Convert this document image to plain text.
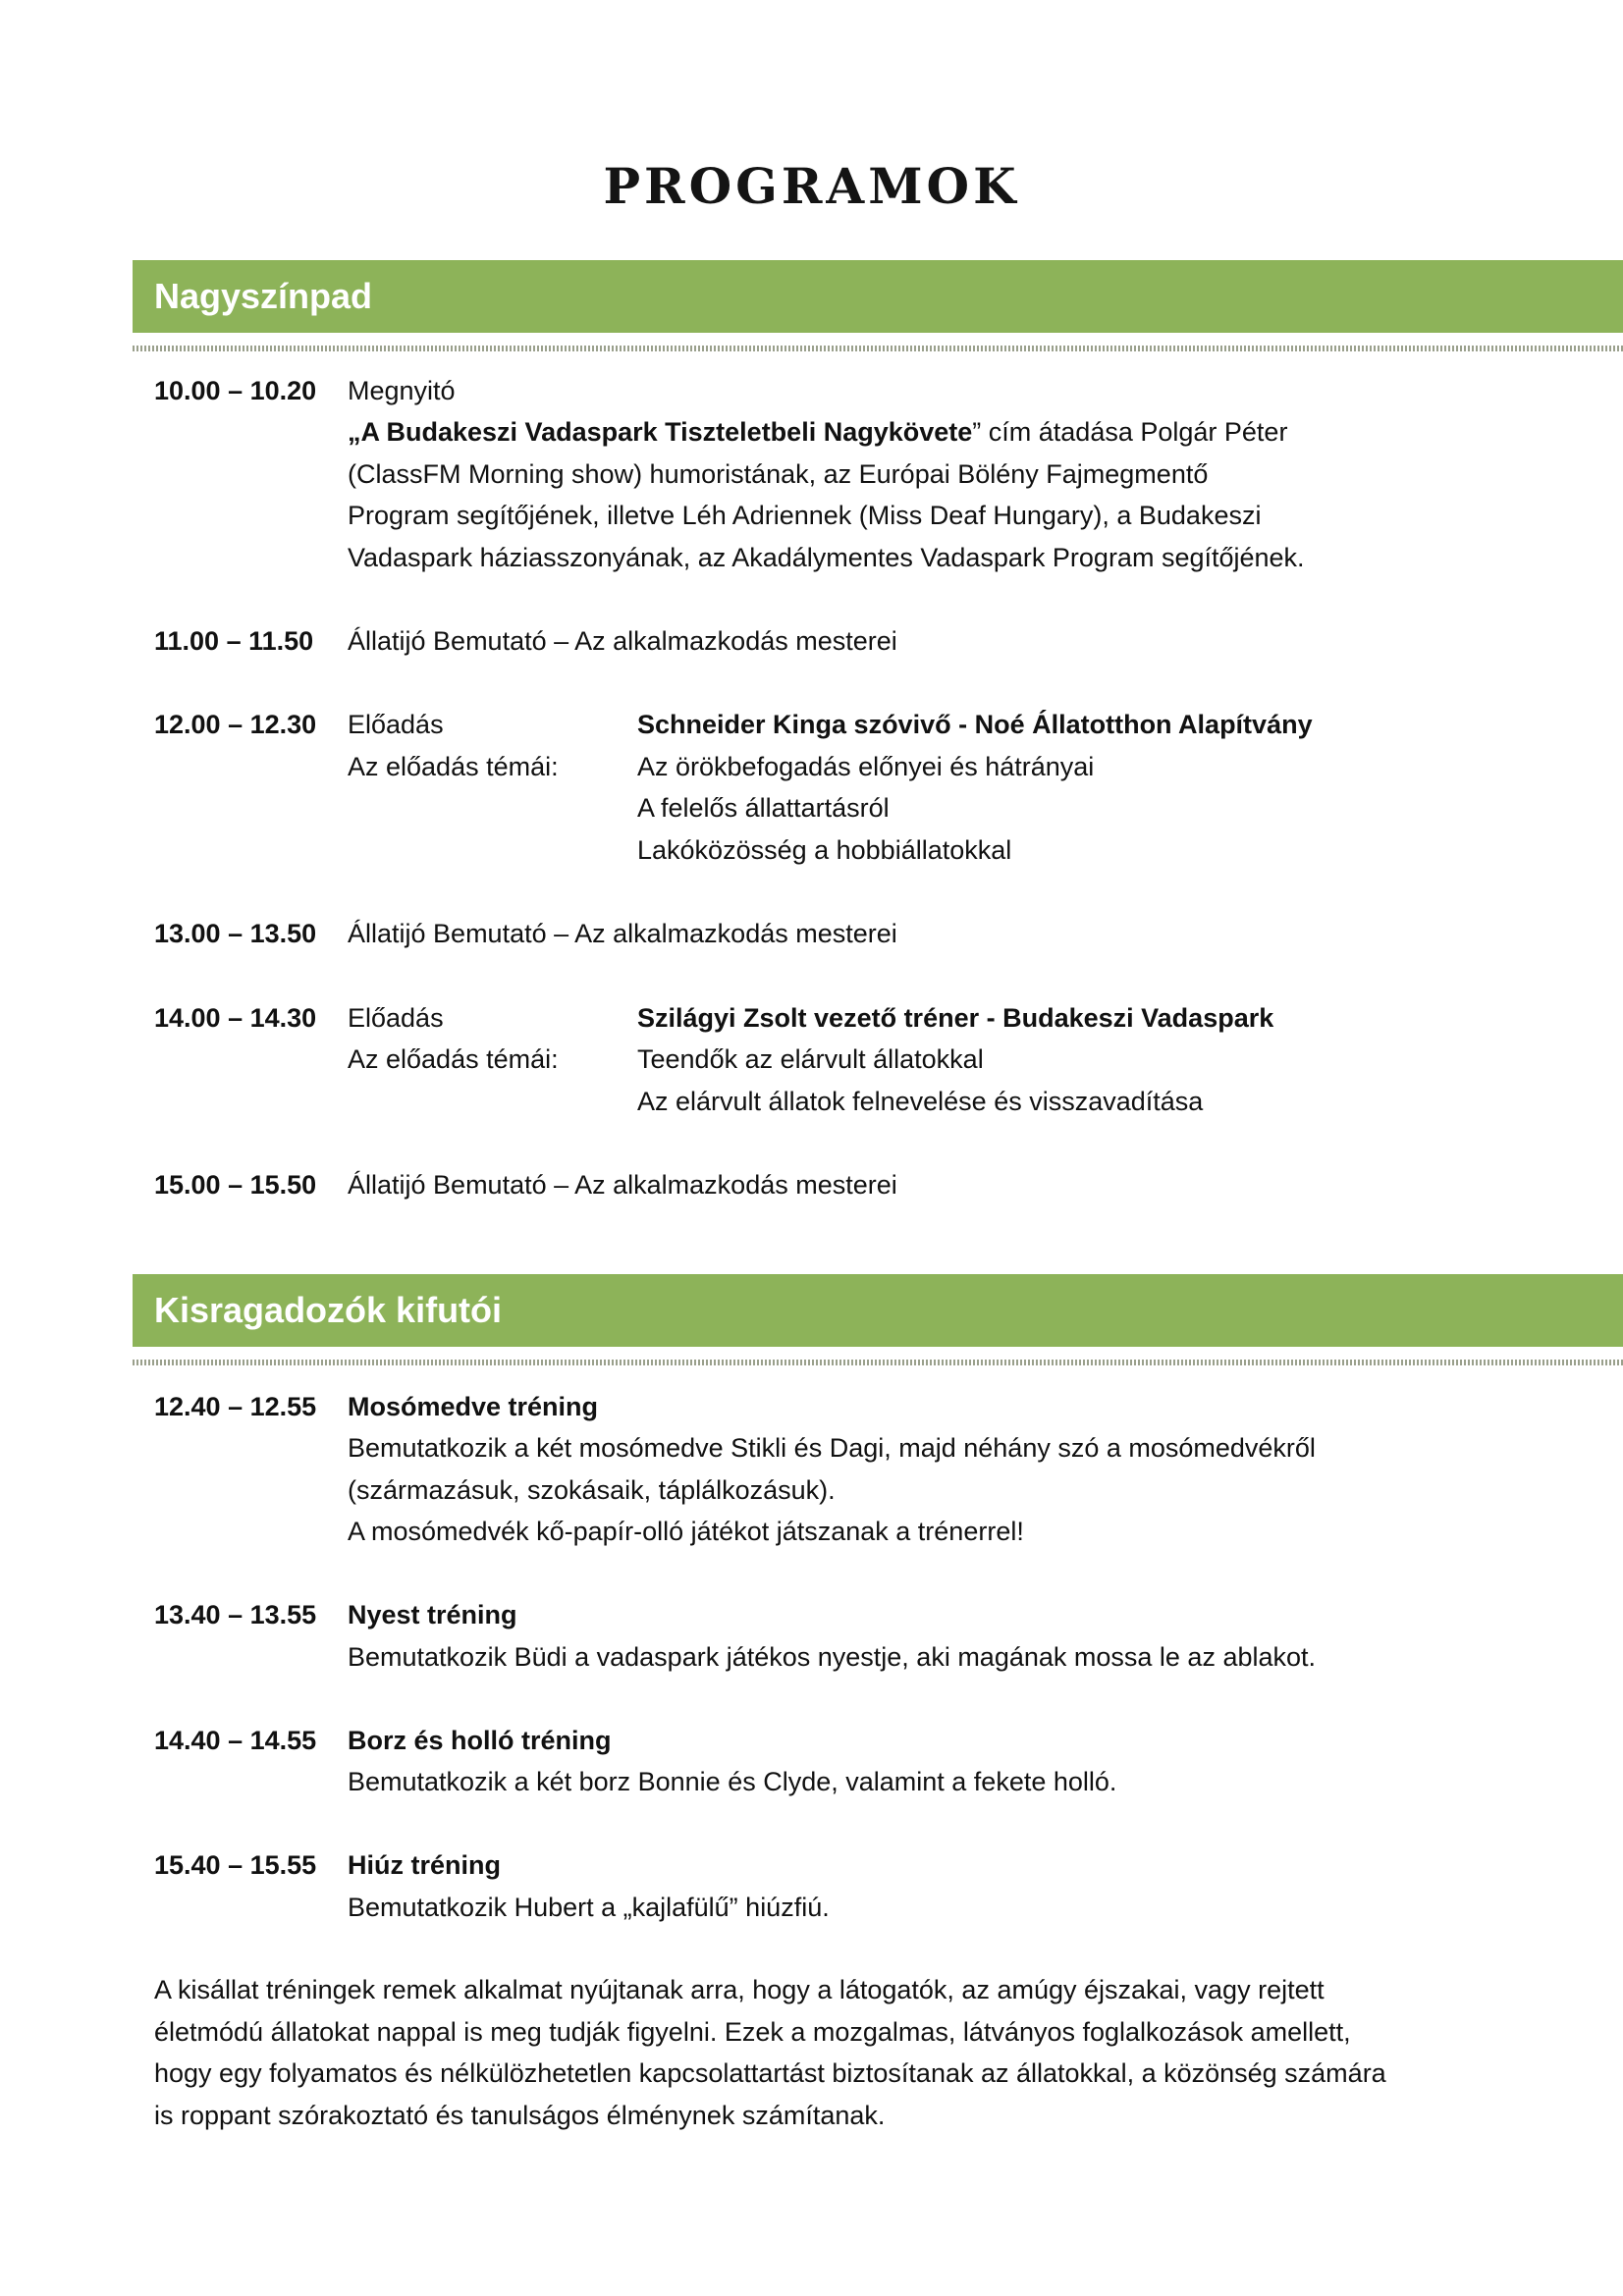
PROGRAMOK
Nagyszínpad
10.00 – 10.20 Megnyitó
„A Budakeszi Vadaspark Tiszteletbeli Nagykövete” cím átadása Polgár Péter
(ClassFM Morning show) humoristának, az Európai Bölény Fajmegmentő
Program segítőjének, illetve Léh Adriennek (Miss Deaf Hungary), a Budakeszi
Vadaspark háziasszonyának, az Akadálymentes Vadaspark Program segítőjének.
11.00 – 11.50 Állatijó Bemutató – Az alkalmazkodás mesterei
12.00 – 12.30 Előadás	Schneider Kinga szóvivő - Noé Állatotthon Alapítvány
Az előadás témái:	Az örökbefogadás előnyei és hátrányai
A felelős állattartásról
Lakóközösség a hobbiállatokkal
13.00 – 13.50 Állatijó Bemutató – Az alkalmazkodás mesterei
14.00 – 14.30 Előadás	Szilágyi Zsolt vezető tréner - Budakeszi Vadaspark
Az előadás témái:	Teendők az elárvult állatokkal
Az elárvult állatok felnevelése és visszavadítása
15.00 – 15.50 Állatijó Bemutató – Az alkalmazkodás mesterei
Kisragadozók kifutói
12.40 – 12.55 Mosómedve tréning
Bemutatkozik a két mosómedve Stikli és Dagi, majd néhány szó a mosómedvékről
(származásuk, szokásaik, táplálkozásuk).
A mosómedvék kő-papír-olló játékot játszanak a trénerrel!
13.40 – 13.55 Nyest tréning
Bemutatkozik Büdi a vadaspark játékos nyestje, aki magának mossa le az ablakot.
14.40 – 14.55 Borz és holló tréning
Bemutatkozik a két borz Bonnie és Clyde, valamint a fekete holló.
15.40 – 15.55 Hiúz tréning
Bemutatkozik Hubert a „kajlafülű” hiúzfiú.
A kisállat tréningek remek alkalmat nyújtanak arra, hogy a látogatók, az amúgy éjszakai, vagy rejtett
életmódú állatokat nappal is meg tudják figyelni. Ezek a mozgalmas, látványos foglalkozások amellett,
hogy egy folyamatos és nélkülözhetetlen kapcsolattartást biztosítanak az állatokkal, a közönség számára
is roppant szórakoztató és tanulságos élménynek számítanak.
